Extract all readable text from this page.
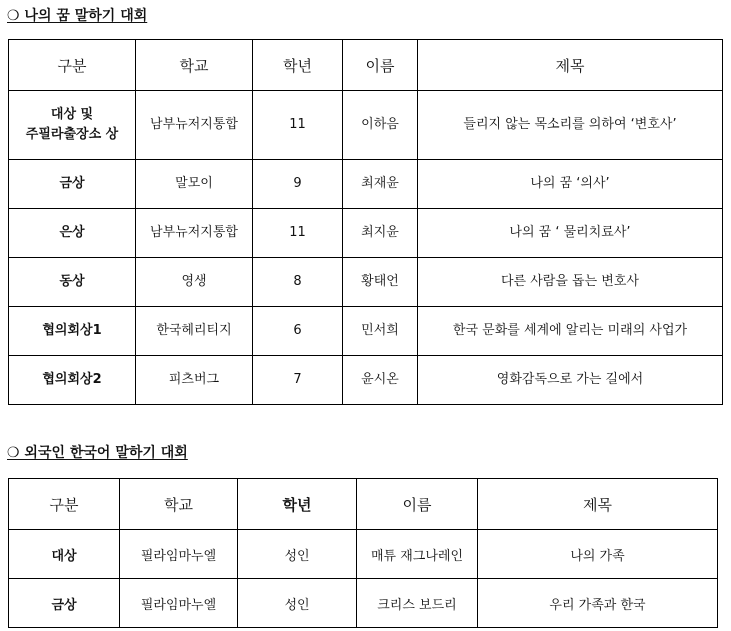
❍ 나의 꿈 말하기 대회
구분	학교	학년	이름	제목
대상 및
주필라출장소 상	남부뉴저지통합	11	이하음	들리지 않는 목소리를 의하여 ‘변호사’
금상	말모이	9	최재윤	나의 꿈 ‘의사’
은상	남부뉴저지통합	11	최지윤	나의 꿈 ‘ 물리치료사’
동상	영생	8	황태언	다른 사람을 돕는 변호사
협의회상1	한국헤리티지	6	민서희	한국 문화를 세계에 알리는 미래의 사업가
협의회상2	피츠버그	7	윤시온	영화감독으로 가는 길에서
❍ 외국인 한국어 말하기 대회
구분	학교	학년	이름	제목
대상	필라임마누엘	성인	매튜 재그나레인	나의 가족
금상	필라임마누엘	성인	크리스 보드리	우리 가족과 한국
